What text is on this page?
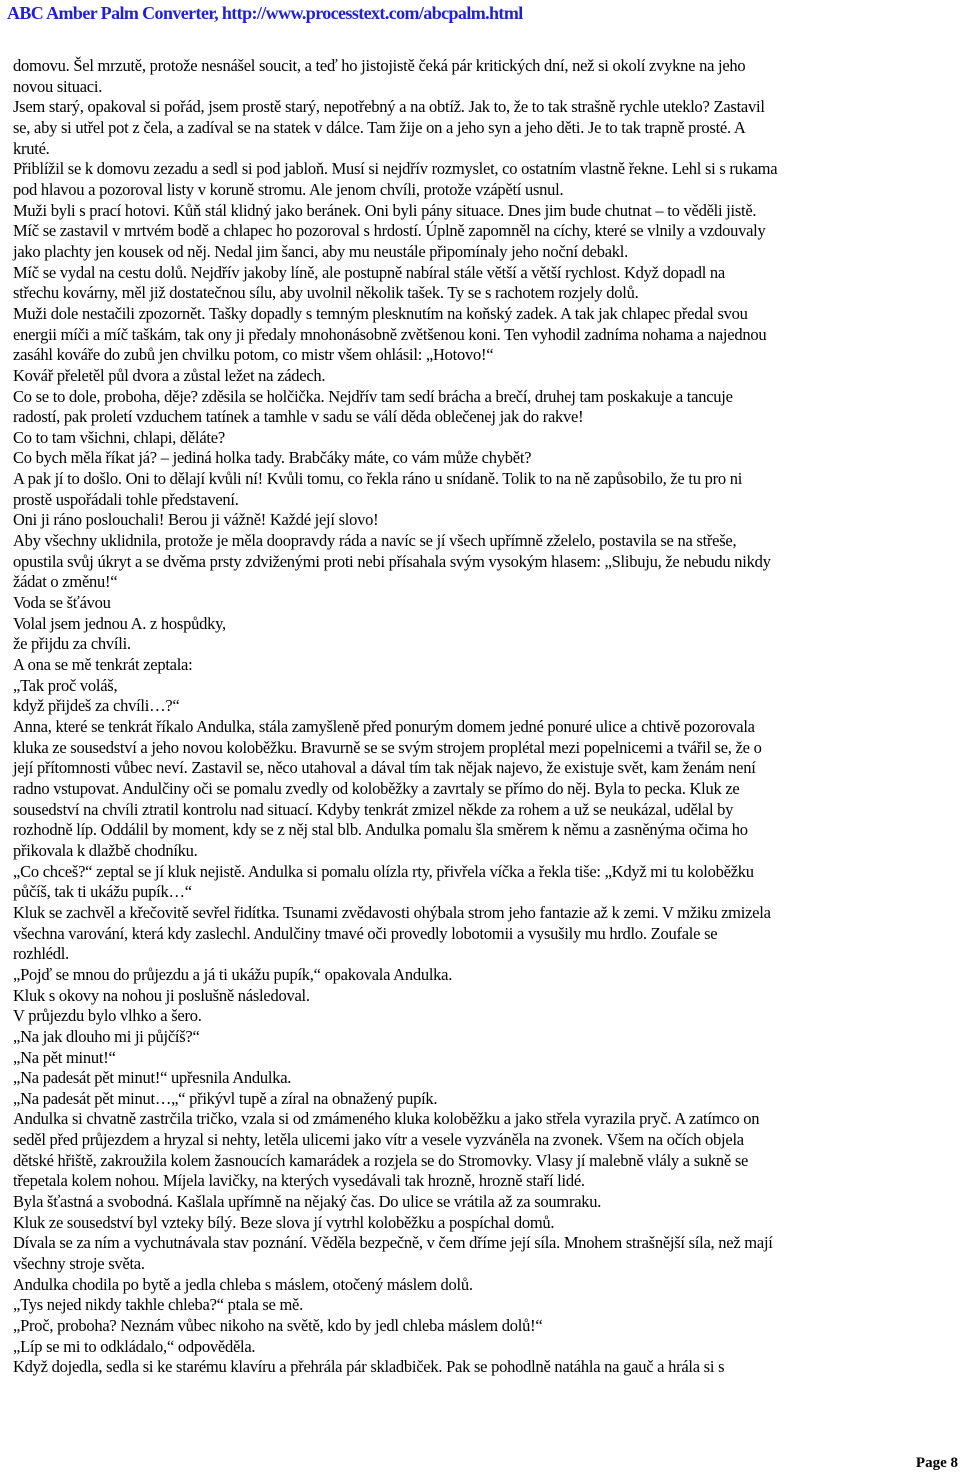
ABC Amber Palm Converter, http://www.processtext.com/abcpalm.html
domovu. Šel mrzutě, protože nesnášel soucit, a teď ho jistojistě čeká pár kritických dní, než si okolí zvykne na jeho
novou situaci.
Jsem starý, opakoval si pořád, jsem prostě starý, nepotřebný a na obtíž. Jak to, že to tak strašně rychle uteklo? Zastavil
se, aby si utřel pot z čela, a zadíval se na statek v dálce. Tam žije on a jeho syn a jeho děti. Je to tak trapně prosté. A
kruté.
Přiblížil se k domovu zezadu a sedl si pod jabloň. Musí si nejdřív rozmyslet, co ostatním vlastně řekne. Lehl si s rukama
pod hlavou a pozoroval listy v koruně stromu. Ale jenom chvíli, protože vzápětí usnul.
Muži byli s prací hotovi. Kůň stál klidný jako beránek. Oni byli pány situace. Dnes jim bude chutnat – to věděli jistě.
Míč se zastavil v mrtvém bodě a chlapec ho pozoroval s hrdostí. Úplně zapomněl na cíchy, které se vlnily a vzdouvaly
jako plachty jen kousek od něj. Nedal jim šanci, aby mu neustále připomínaly jeho noční debakl.
Míč se vydal na cestu dolů. Nejdřív jakoby líně, ale postupně nabíral stále větší a větší rychlost. Když dopadl na
střechu kovárny, měl již dostatečnou sílu, aby uvolnil několik tašek. Ty se s rachotem rozjely dolů.
Muži dole nestačili zpozornět. Tašky dopadly s temným plesknutím na koňský zadek. A tak jak chlapec předal svou
energii míči a míč taškám, tak ony ji předaly mnohonásobně zvětšenou koni. Ten vyhodil zadníma nohama a najednou
zasáhl kováře do zubů jen chvilku potom, co mistr všem ohlásil: „Hotovo!“
Kovář přeletěl půl dvora a zůstal ležet na zádech.
Co se to dole, proboha, děje? zděsila se holčička. Nejdřív tam sedí brácha a brečí, druhej tam poskakuje a tancuje
radostí, pak proletí vzduchem tatínek a tamhle v sadu se válí děda oblečenej jak do rakve!
Co to tam všichni, chlapi, děláte?
Co bych měla říkat já? – jediná holka tady. Brabčáky máte, co vám může chybět?
A pak jí to došlo. Oni to dělají kvůli ní! Kvůli tomu, co řekla ráno u snídaně. Tolik to na ně zapůsobilo, že tu pro ni
prostě uspořádali tohle představení.
Oni ji ráno poslouchali! Berou ji vážně! Každé její slovo!
Aby všechny uklidnila, protože je měla doopravdy ráda a navíc se jí všech upřímně zželelo, postavila se na střeše,
opustila svůj úkryt a se dvěma prsty zdviženými proti nebi přísahala svým vysokým hlasem: „Slibuju, že nebudu nikdy
žádat o změnu!“
Voda se šťávou
Volal jsem jednou A. z hospůdky,
že přijdu za chvíli.
A ona se mě tenkrát zeptala:
„Tak proč voláš,
když přijdeš za chvíli…?“
Anna, které se tenkrát říkalo Andulka, stála zamyšleně před ponurým domem jedné ponuré ulice a chtivě pozorovala
kluka ze sousedství a jeho novou koloběžku. Bravurně se se svým strojem proplétal mezi popelnicemi a tvářil se, že o
její přítomnosti vůbec neví. Zastavil se, něco utahoval a dával tím tak nějak najevo, že existuje svět, kam ženám není
radno vstupovat. Andulčiny oči se pomalu zvedly od koloběžky a zavrtaly se přímo do něj. Byla to pecka. Kluk ze
sousedství na chvíli ztratil kontrolu nad situací. Kdyby tenkrát zmizel někde za rohem a už se neukázal, udělal by
rozhodně líp. Oddálil by moment, kdy se z něj stal blb. Andulka pomalu šla směrem k němu a zasněnýma očima ho
přikovala k dlažbě chodníku.
„Co chceš?“ zeptal se jí kluk nejistě. Andulka si pomalu olízla rty, přivřela víčka a řekla tiše: „Když mi tu koloběžku
půčíš, tak ti ukážu pupík…“
Kluk se zachvěl a křečovitě sevřel řidítka. Tsunami zvědavosti ohýbala strom jeho fantazie až k zemi. V mžiku zmizela
všechna varování, která kdy zaslechl. Andulčiny tmavé oči provedly lobotomii a vysušily mu hrdlo. Zoufale se
rozhlédl.
„Pojď se mnou do průjezdu a já ti ukážu pupík,“ opakovala Andulka.
Kluk s okovy na nohou ji poslušně následoval.
V průjezdu bylo vlhko a šero.
„Na jak dlouho mi ji půjčíš?“
„Na pět minut!“
„Na padesát pět minut!“ upřesnila Andulka.
„Na padesát pět minut…„“ přikývl tupě a zíral na obnažený pupík.
Andulka si chvatně zastrčila tričko, vzala si od zmámeného kluka koloběžku a jako střela vyrazila pryč. A zatímco on
seděl před průjezdem a hryzal si nehty, letěla ulicemi jako vítr a vesele vyzváněla na zvonek. Všem na očích objela
dětské hřiště, zakroužila kolem žasnoucích kamarádek a rozjela se do Stromovky. Vlasy jí malebně vlály a sukně se
třepetala kolem nohou. Míjela lavičky, na kterých vysedávali tak hrozně, hrozně staří lidé.
Byla šťastná a svobodná. Kašlala upřímně na nějaký čas. Do ulice se vrátila až za soumraku.
Kluk ze sousedství byl vzteky bílý. Beze slova jí vytrhl koloběžku a pospíchal domů.
Dívala se za ním a vychutnávala stav poznání. Věděla bezpečně, v čem dříme její síla. Mnohem strašnější síla, než mají
všechny stroje světa.
Andulka chodila po bytě a jedla chleba s máslem, otočený máslem dolů.
„Tys nejed nikdy takhle chleba?“ ptala se mě.
„Proč, proboha? Neznám vůbec nikoho na světě, kdo by jedl chleba máslem dolů!“
„Líp se mi to odkládalo,“ odpověděla.
Když dojedla, sedla si ke starému klavíru a přehrála pár skladbiček. Pak se pohodlně natáhla na gauč a hrála si s
Page 8
